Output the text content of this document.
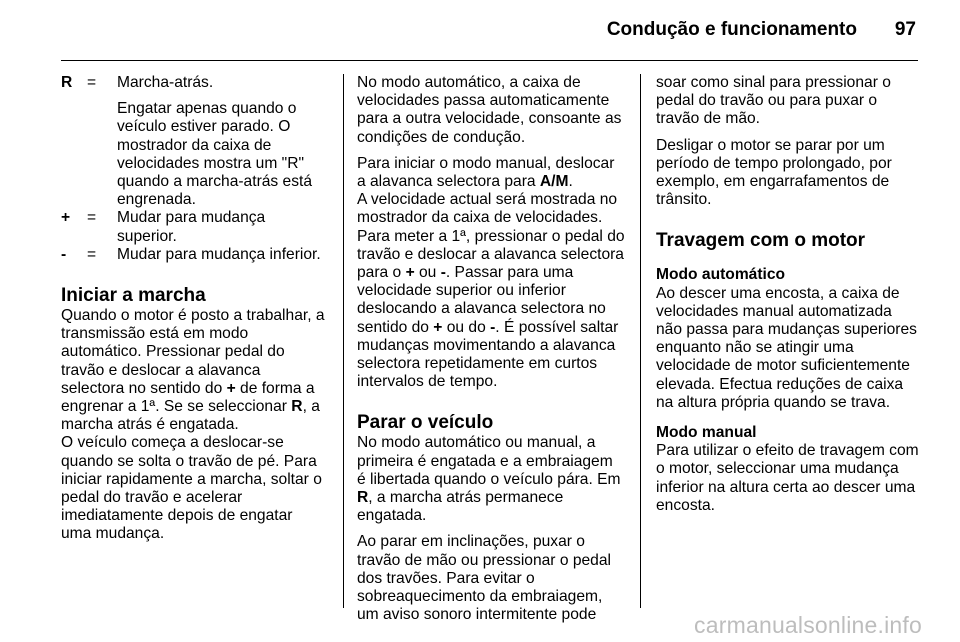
Condução e funcionamento 97
R =	Marcha-atrás.
Engatar apenas quando o veículo estiver parado. O mostrador da caixa de velocidades mostra um "R" quando a marcha-atrás está engrenada.
+	=	Mudar para mudança superior.
-	=	Mudar para mudança inferior.
Iniciar a marcha

Quando o motor é posto a trabalhar, a transmissão está em modo automático. Pressionar pedal do travão e deslocar a alavanca selectora no sentido do + de forma a engrenar a 1ª. Se se seleccionar R, a marcha atrás é engatada.

O veículo começa a deslocar-se quando se solta o travão de pé. Para iniciar rapidamente a marcha, soltar o pedal do travão e acelerar imediatamente depois de engatar uma mudança.

No modo automático, a caixa de velocidades passa automaticamente para a outra velocidade, consoante as condições de condução.

Para iniciar o modo manual, deslocar a alavanca selectora para A/M.

A velocidade actual será mostrada no mostrador da caixa de velocidades.

Para meter a 1ª, pressionar o pedal do travão e deslocar a alavanca selectora para o + ou -. Passar para uma velocidade superior ou inferior deslocando a alavanca selectora no sentido do + ou do -. É possível saltar mudanças movimentando a alavanca selectora repetidamente em curtos intervalos de tempo.

Parar o veículo

No modo automático ou manual, a primeira é engatada e a embraiagem é libertada quando o veículo pára. Em R, a marcha atrás permanece engatada.

Ao parar em inclinações, puxar o travão de mão ou pressionar o pedal dos travões. Para evitar o sobreaquecimento da embraiagem, um aviso sonoro intermitente pode

soar como sinal para pressionar o pedal do travão ou para puxar o travão de mão.

Desligar o motor se parar por um período de tempo prolongado, por exemplo, em engarrafamentos de trânsito.

Travagem com o motor
Modo automático

Ao descer uma encosta, a caixa de velocidades manual automatizada não passa para mudanças superiores enquanto não se atingir uma velocidade de motor suficientemente elevada. Efectua reduções de caixa na altura própria quando se trava.

Modo manual

Para utilizar o efeito de travagem com o motor, seleccionar uma mudança inferior na altura certa ao descer uma encosta.

carmanualsonline.info
